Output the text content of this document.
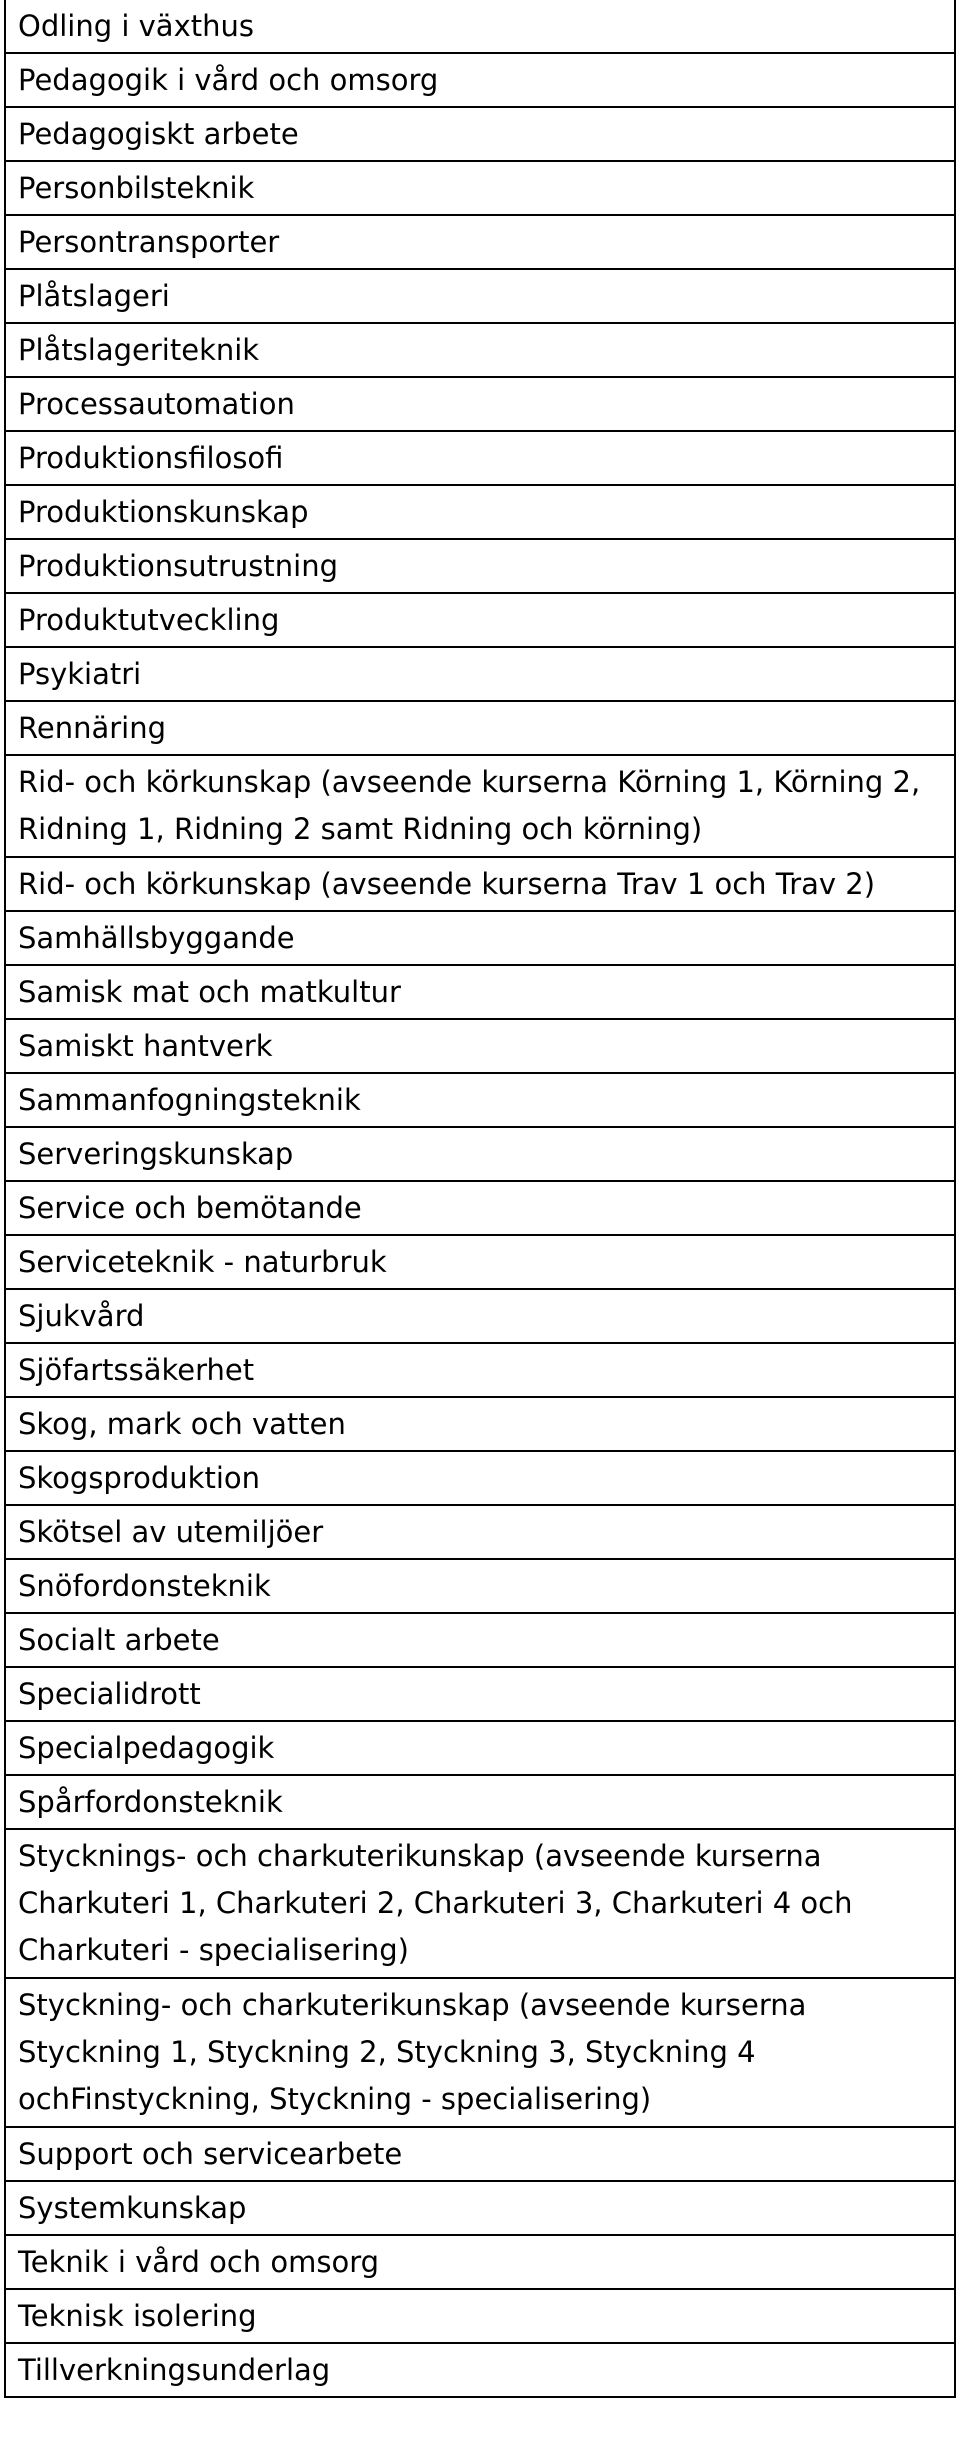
Odling i växthus
Pedagogik i vård och omsorg
Pedagogiskt arbete
Personbilsteknik
Persontransporter
Plåtslageri
Plåtslageriteknik
Processautomation
Produktionsfilosofi
Produktionskunskap
Produktionsutrustning
Produktutveckling
Psykiatri
Rennäring
Rid- och körkunskap (avseende kurserna Körning 1, Körning 2, Ridning 1, Ridning 2 samt Ridning och körning)
Rid- och körkunskap (avseende kurserna Trav 1 och Trav 2)
Samhällsbyggande
Samisk mat och matkultur
Samiskt hantverk
Sammanfogningsteknik
Serveringskunskap
Service och bemötande
Serviceteknik - naturbruk
Sjukvård
Sjöfartssäkerhet
Skog, mark och vatten
Skogsproduktion
Skötsel av utemiljöer
Snöfordonsteknik
Socialt arbete
Specialidrott
Specialpedagogik
Spårfordonsteknik
Stycknings- och charkuterikunskap (avseende kurserna Charkuteri 1, Charkuteri 2, Charkuteri 3, Charkuteri 4 och Charkuteri - specialisering)
Styckning- och charkuterikunskap (avseende kurserna Styckning 1, Styckning 2, Styckning 3, Styckning 4 ochFinstyckning, Styckning - specialisering)
Support och servicearbete
Systemkunskap
Teknik i vård och omsorg
Teknisk isolering
Tillverkningsunderlag
